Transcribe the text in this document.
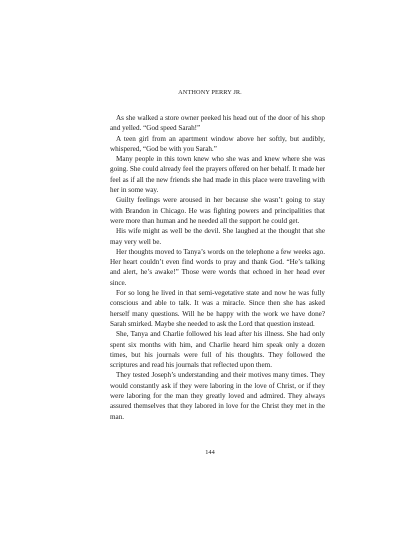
ANTHONY PERRY JR.

As she walked a store owner peeked his head out of the door of his shop and yelled. “God speed Sarah!”

A teen girl from an apartment window above her softly, but audibly, whispered, “God be with you Sarah.”

Many people in this town knew who she was and knew where she was going. She could already feel the prayers offered on her behalf. It made her feel as if all the new friends she had made in this place were traveling with her in some way.

Guilty feelings were aroused in her because she wasn’t going to stay with Brandon in Chicago. He was fighting powers and principalities that were more than human and he needed all the support he could get.

His wife might as well be the devil. She laughed at the thought that she may very well be.

Her thoughts moved to Tanya’s words on the telephone a few weeks ago. Her heart couldn’t even find words to pray and thank God. “He’s talking and alert, he’s awake!” Those were words that echoed in her head ever since.

For so long he lived in that semi-vegetative state and now he was fully conscious and able to talk. It was a miracle. Since then she has asked herself many questions. Will he be happy with the work we have done? Sarah smirked. Maybe she needed to ask the Lord that question instead.

She, Tanya and Charlie followed his lead after his illness. She had only spent six months with him, and Charlie heard him speak only a dozen times, but his journals were full of his thoughts. They followed the scriptures and read his journals that reflected upon them.

They tested Joseph’s understanding and their motives many times. They would constantly ask if they were laboring in the love of Christ, or if they were laboring for the man they greatly loved and admired. They always assured themselves that they labored in love for the Christ they met in the man.

144
